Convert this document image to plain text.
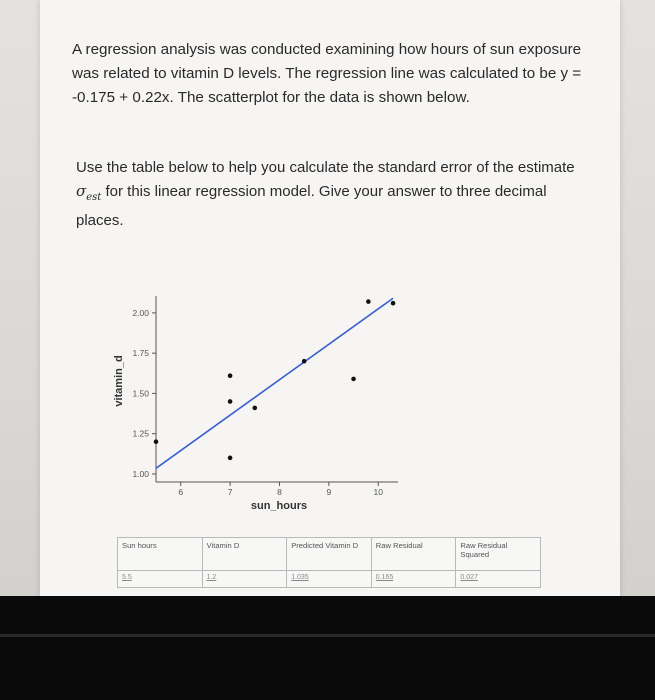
A regression analysis was conducted examining how hours of sun exposure

was related to vitamin D levels. The regression line was calculated to be y =

-0.175 + 0.22x. The scatterplot for the data is shown below.

Use the table below to help you calculate the standard error of the estimate

$\sigma_{est}$ for this linear regression model. Give your answer to three decimal

places.

1.00
1.25
1.50
1.75
2.00
6	7	8	9	10
sun_hours
vitamin_d
Sun hours	Vitamin D	Predicted Vitamin D	Raw Residual	Raw Residual Squared
5.5	1.2	1.035	0.165	0.027
